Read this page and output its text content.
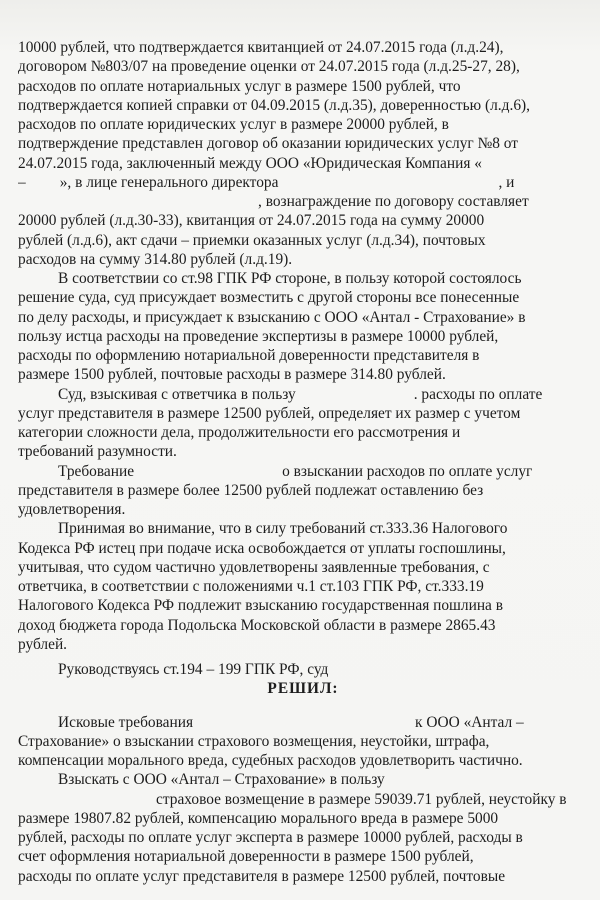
10000 рублей, что подтверждается квитанцией от 24.07.2015 года (л.д.24),
договором №803/07 на проведение оценки от 24.07.2015 года (л.д.25-27, 28),
расходов по оплате нотариальных услуг в размере 1500 рублей, что
подтверждается копией справки от 04.09.2015 (л.д.35), доверенностью (л.д.6),
расходов по оплате юридических услуг в размере 20000 рублей, в
подтверждение представлен договор об оказании юридических услуг №8 от
24.07.2015 года, заключенный между ООО «Юридическая Компания «
– », в лице генерального директора	, и
, вознаграждение по договору составляет
20000 рублей (л.д.30-33), квитанция от 24.07.2015 года на сумму 20000
рублей (л.д.6), акт сдачи – приемки оказанных услуг (л.д.34), почтовых
расходов на сумму 314.80 рублей (л.д.19).

В соответствии со ст.98 ГПК РФ стороне, в пользу которой состоялось
решение суда, суд присуждает возместить с другой стороны все понесенные
по делу расходы, и присуждает к взысканию с ООО «Антал - Страхование» в
пользу истца расходы на проведение экспертизы в размере 10000 рублей,
расходы по оформлению нотариальной доверенности представителя в
размере 1500 рублей, почтовые расходы в размере 314.80 рублей.

Суд, взыскивая с ответчика в пользу	. расходы по оплате
услуг представителя в размере 12500 рублей, определяет их размер с учетом
категории сложности дела, продолжительности его рассмотрения и
требований разумности.

Требование	о взыскании расходов по оплате услуг
представителя в размере более 12500 рублей подлежат оставлению без
удовлетворения.

Принимая во внимание, что в силу требований ст.333.36 Налогового
Кодекса РФ истец при подаче иска освобождается от уплаты госпошлины,
учитывая, что судом частично удовлетворены заявленные требования, с
ответчика, в соответствии с положениями ч.1 ст.103 ГПК РФ, ст.333.19
Налогового Кодекса РФ подлежит взысканию государственная пошлина в
доход бюджета города Подольска Московской области в размере 2865.43
рублей.

Руководствуясь ст.194 – 199 ГПК РФ, суд

РЕШИЛ:

Исковые требования	к ООО «Антал –
Страхование» о взыскании страхового возмещения, неустойки, штрафа,
компенсации морального вреда, судебных расходов удовлетворить частично.

Взыскать с ООО «Антал – Страхование» в пользу
страховое возмещение в размере 59039.71 рублей, неустойку в
размере 19807.82 рублей, компенсацию морального вреда в размере 5000
рублей, расходы по оплате услуг эксперта в размере 10000 рублей, расходы в
счет оформления нотариальной доверенности в размере 1500 рублей,
расходы по оплате услуг представителя в размере 12500 рублей, почтовые
